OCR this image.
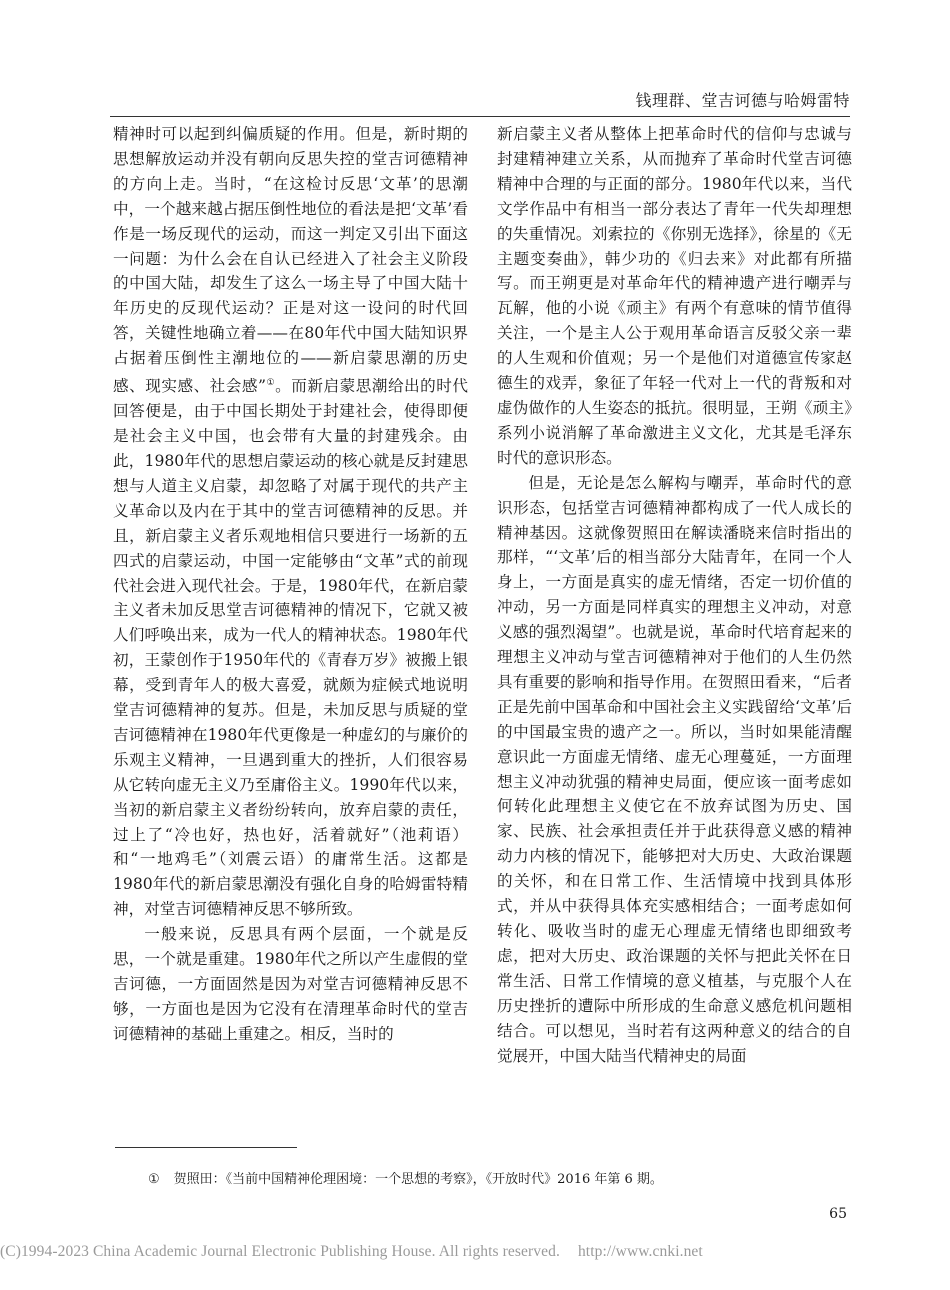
钱理群、堂吉诃德与哈姆雷特

精神时可以起到纠偏质疑的作用。但是，新时期的思想解放运动并没有朝向反思失控的堂吉诃德精神的方向上走。当时，“在这检讨反思‘文革’的思潮中，一个越来越占据压倒性地位的看法是把‘文革’看作是一场反现代的运动，而这一判定又引出下面这一问题：为什么会在自认已经进入了社会主义阶段的中国大陆，却发生了这么一场主导了中国大陆十年历史的反现代运动？正是对这一设问的时代回答，关键性地确立着——在80年代中国大陆知识界占据着压倒性主潮地位的——新启蒙思潮的历史感、现实感、社会感”①。而新启蒙思潮给出的时代回答便是，由于中国长期处于封建社会，使得即便是社会主义中国，也会带有大量的封建残余。由此，1980年代的思想启蒙运动的核心就是反封建思想与人道主义启蒙，却忽略了对属于现代的共产主义革命以及内在于其中的堂吉诃德精神的反思。并且，新启蒙主义者乐观地相信只要进行一场新的五四式的启蒙运动，中国一定能够由“文革”式的前现代社会进入现代社会。于是，1980年代，在新启蒙主义者未加反思堂吉诃德精神的情况下，它就又被人们呼唤出来，成为一代人的精神状态。1980年代初，王蒙创作于1950年代的《青春万岁》被搬上银幕，受到青年人的极大喜爱，就颇为症候式地说明堂吉诃德精神的复苏。但是，未加反思与质疑的堂吉诃德精神在1980年代更像是一种虚幻的与廉价的乐观主义精神，一旦遇到重大的挫折，人们很容易从它转向虚无主义乃至庸俗主义。1990年代以来，当初的新启蒙主义者纷纷转向，放弃启蒙的责任，过上了“冷也好，热也好，活着就好”（池莉语）和“一地鸡毛”（刘震云语）的庸常生活。这都是1980年代的新启蒙思潮没有强化自身的哈姆雷特精神，对堂吉诃德精神反思不够所致。

一般来说，反思具有两个层面，一个就是反思，一个就是重建。1980年代之所以产生虚假的堂吉诃德，一方面固然是因为对堂吉诃德精神反思不够，一方面也是因为它没有在清理革命时代的堂吉诃德精神的基础上重建之。相反，当时的

新启蒙主义者从整体上把革命时代的信仰与忠诚与封建精神建立关系，从而抛弃了革命时代堂吉诃德精神中合理的与正面的部分。1980年代以来，当代文学作品中有相当一部分表达了青年一代失却理想的失重情况。刘索拉的《你别无选择》，徐星的《无主题变奏曲》，韩少功的《归去来》对此都有所描写。而王朔更是对革命年代的精神遗产进行嘲弄与瓦解，他的小说《顽主》有两个有意味的情节值得关注，一个是主人公于观用革命语言反驳父亲一辈的人生观和价值观；另一个是他们对道德宣传家赵德生的戏弄，象征了年轻一代对上一代的背叛和对虚伪做作的人生姿态的抵抗。很明显，王朔《顽主》系列小说消解了革命激进主义文化，尤其是毛泽东时代的意识形态。

但是，无论是怎么解构与嘲弄，革命时代的意识形态，包括堂吉诃德精神都构成了一代人成长的精神基因。这就像贺照田在解读潘晓来信时指出的那样，“‘文革’后的相当部分大陆青年，在同一个人身上，一方面是真实的虚无情绪，否定一切价值的冲动，另一方面是同样真实的理想主义冲动，对意义感的强烈渴望”。也就是说，革命时代培育起来的理想主义冲动与堂吉诃德精神对于他们的人生仍然具有重要的影响和指导作用。在贺照田看来，“后者正是先前中国革命和中国社会主义实践留给‘文革’后的中国最宝贵的遗产之一。所以，当时如果能清醒意识此一方面虚无情绪、虚无心理蔓延，一方面理想主义冲动犹强的精神史局面，便应该一面考虑如何转化此理想主义使它在不放弃试图为历史、国家、民族、社会承担责任并于此获得意义感的精神动力内核的情况下，能够把对大历史、大政治课题的关怀，和在日常工作、生活情境中找到具体形式，并从中获得具体充实感相结合；一面考虑如何转化、吸收当时的虚无心理虚无情绪也即细致考虑，把对大历史、政治课题的关怀与把此关怀在日常生活、日常工作情境的意义植基，与克服个人在历史挫折的遭际中所形成的生命意义感危机问题相结合。可以想见，当时若有这两种意义的结合的自觉展开，中国大陆当代精神史的局面

① 贺照田：《当前中国精神伦理困境：一个思想的考察》，《开放时代》2016 年第 6 期。
65
(C)1994-2023 China Academic Journal Electronic Publishing House. All rights reserved. http://www.cnki.net
